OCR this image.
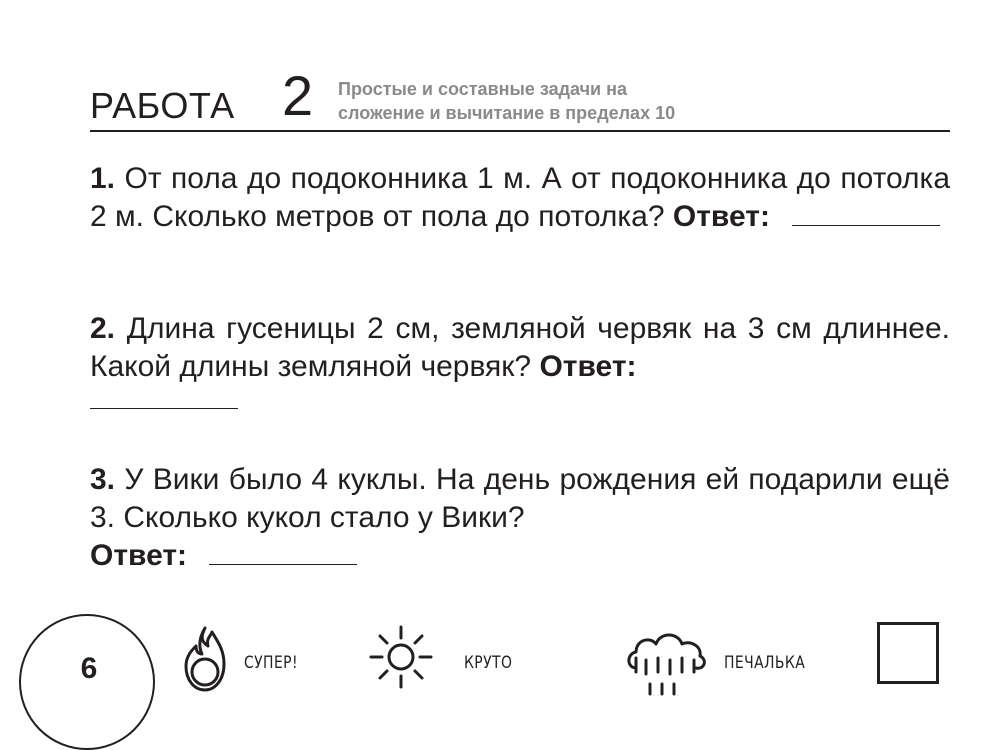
РАБОТА 2 Простые и составные задачи на
сложение и вычитание в пределах 10
1. От пола до подоконника 1 м. А от подоконника до потолка 2 м. Сколько метров от пола до потолка? Ответ:
2. Длина гусеницы 2 см, земляной червяк на 3 см длиннее. Какой длины земляной червяк? Ответ:
3. У Вики было 4 куклы. На день рождения ей подарили ещё 3. Сколько кукол стало у Вики?
Ответ:
6	СУПЕР!	КРУТО	ПЕЧАЛЬКА
